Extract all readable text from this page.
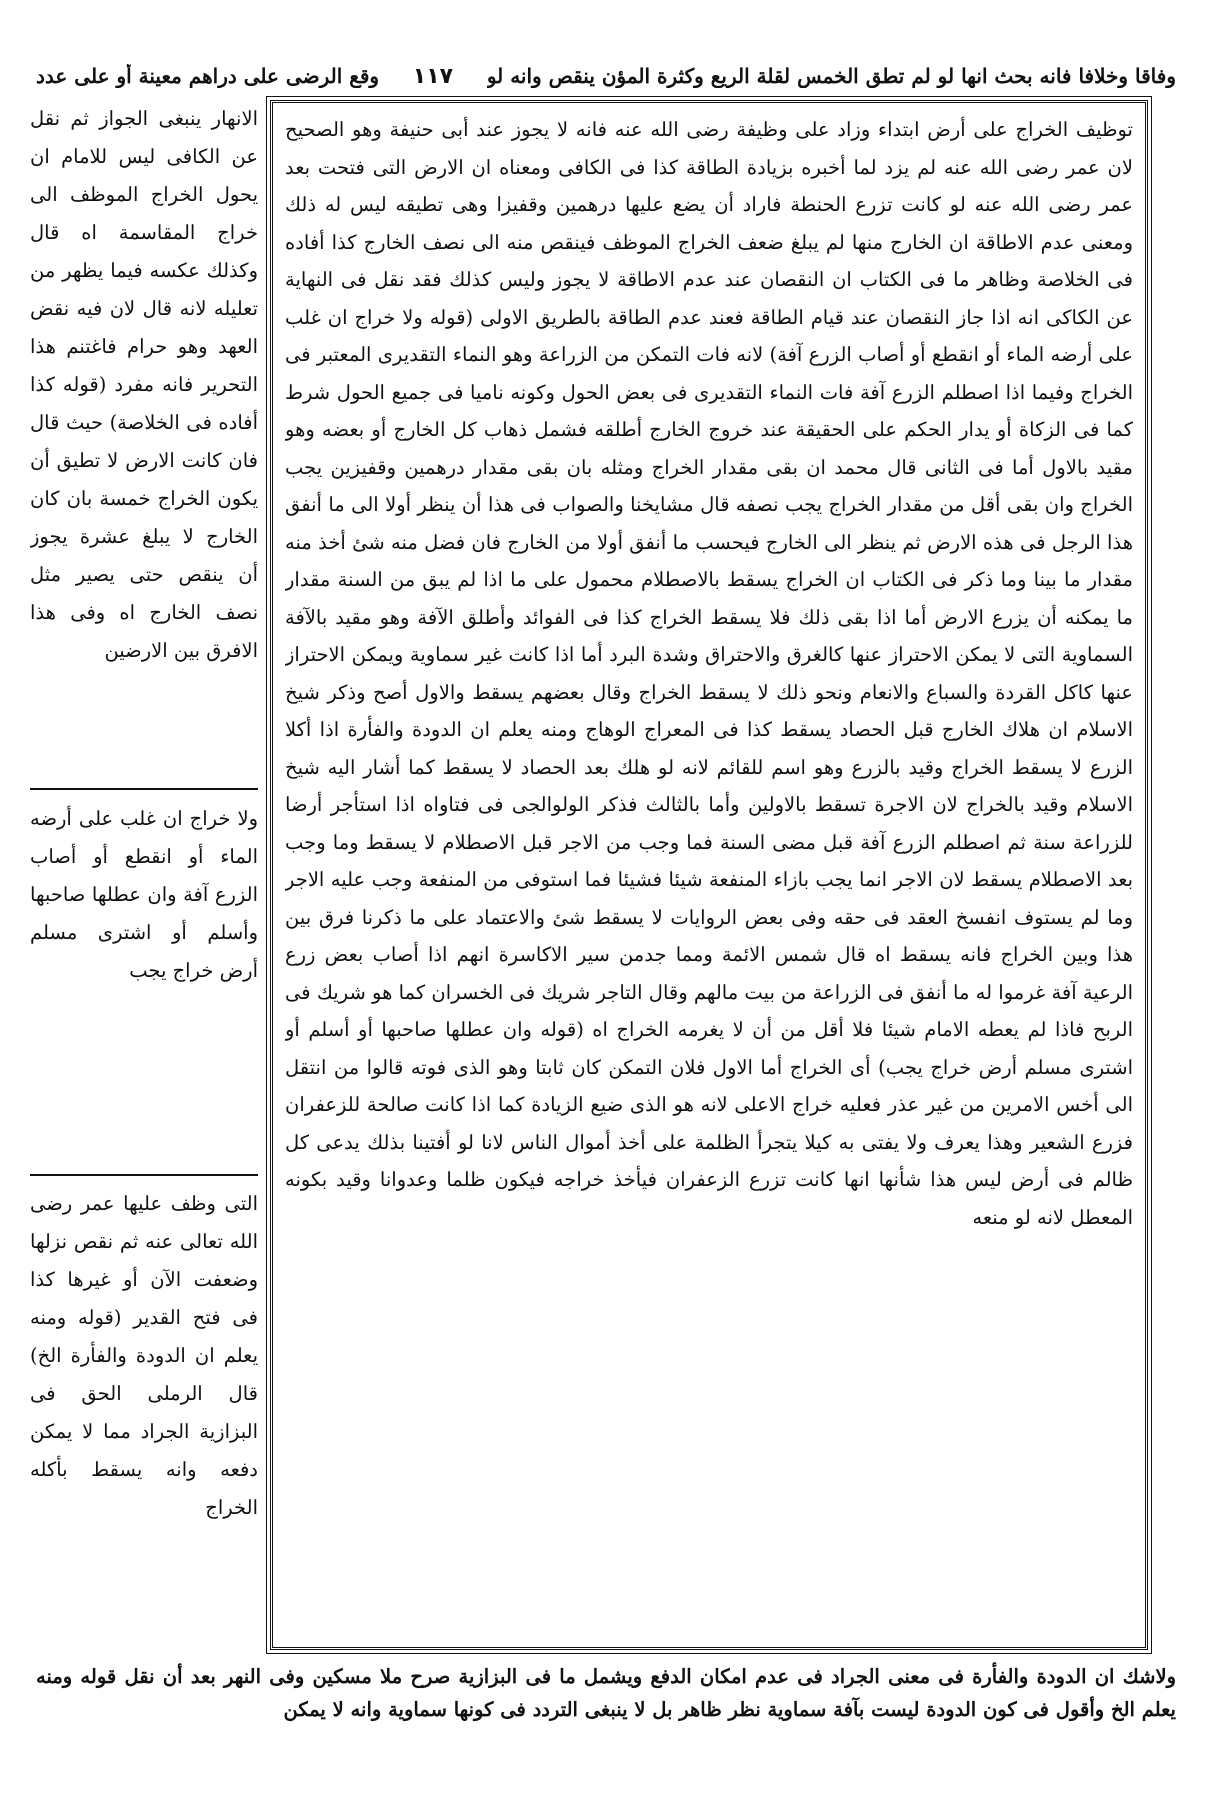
وفاقا وخلافا فانه بحث انها لو لم تطق الخمس لقلة الريع وكثرة المؤن ينقص وانه لو
١١٧
وقع الرضى على دراهم معينة أو على عدد
توظيف الخراج على أرض ابتداء وزاد على وظيفة رضى الله عنه فانه لا يجوز عند أبى حنيفة وهو الصحيح لان عمر رضى الله عنه لم يزد لما أخبره بزيادة الطاقة كذا فى الكافى ومعناه ان الارض التى فتحت بعد عمر رضى الله عنه لو كانت تزرع الحنطة فاراد أن يضع عليها درهمين وقفيزا وهى تطيقه ليس له ذلك ومعنى عدم الاطاقة ان الخارج منها لم يبلغ ضعف الخراج الموظف فينقص منه الى نصف الخارج كذا أفاده فى الخلاصة وظاهر ما فى الكتاب ان النقصان عند عدم الاطاقة لا يجوز وليس كذلك فقد نقل فى النهاية عن الكاكى انه اذا جاز النقصان عند قيام الطاقة فعند عدم الطاقة بالطريق الاولى (قوله ولا خراج ان غلب على أرضه الماء أو انقطع أو أصاب الزرع آفة) لانه فات التمكن من الزراعة وهو النماء التقديرى المعتبر فى الخراج وفيما اذا اصطلم الزرع آفة فات النماء التقديرى فى بعض الحول وكونه ناميا فى جميع الحول شرط كما فى الزكاة أو يدار الحكم على الحقيقة عند خروج الخارج أطلقه فشمل ذهاب كل الخارج أو بعضه وهو مقيد بالاول أما فى الثانى قال محمد ان بقى مقدار الخراج ومثله بان بقى مقدار درهمين وقفيزين يجب الخراج وان بقى أقل من مقدار الخراج يجب نصفه قال مشايخنا والصواب فى هذا أن ينظر أولا الى ما أنفق هذا الرجل فى هذه الارض ثم ينظر الى الخارج فيحسب ما أنفق أولا من الخارج فان فضل منه شئ أخذ منه مقدار ما بينا وما ذكر فى الكتاب ان الخراج يسقط بالاصطلام محمول على ما اذا لم يبق من السنة مقدار ما يمكنه أن يزرع الارض أما اذا بقى ذلك فلا يسقط الخراج كذا فى الفوائد وأطلق الآفة وهو مقيد بالآفة السماوية التى لا يمكن الاحتراز عنها كالغرق والاحتراق وشدة البرد أما اذا كانت غير سماوية ويمكن الاحتراز عنها كاكل القردة والسباع والانعام ونحو ذلك لا يسقط الخراج وقال بعضهم يسقط والاول أصح وذكر شيخ الاسلام ان هلاك الخارج قبل الحصاد يسقط كذا فى المعراج الوهاج ومنه يعلم ان الدودة والفأرة اذا أكلا الزرع لا يسقط الخراج وقيد بالزرع وهو اسم للقائم لانه لو هلك بعد الحصاد لا يسقط كما أشار اليه شيخ الاسلام وقيد بالخراج لان الاجرة تسقط بالاولين وأما بالثالث فذكر الولوالجى فى فتاواه اذا استأجر أرضا للزراعة سنة ثم اصطلم الزرع آفة قبل مضى السنة فما وجب من الاجر قبل الاصطلام لا يسقط وما وجب بعد الاصطلام يسقط لان الاجر انما يجب بازاء المنفعة شيئا فشيئا فما استوفى من المنفعة وجب عليه الاجر وما لم يستوف انفسخ العقد فى حقه وفى بعض الروايات لا يسقط شئ والاعتماد على ما ذكرنا فرق بين هذا وبين الخراج فانه يسقط اه قال شمس الائمة ومما جدمن سير الاكاسرة انهم اذا أصاب بعض زرع الرعية آفة غرموا له ما أنفق فى الزراعة من بيت مالهم وقال التاجر شريك فى الخسران كما هو شريك فى الربح فاذا لم يعطه الامام شيئا فلا أقل من أن لا يغرمه الخراج اه (قوله وان عطلها صاحبها أو أسلم أو اشترى مسلم أرض خراج يجب) أى الخراج أما الاول فلان التمكن كان ثابتا وهو الذى فوته قالوا من انتقل الى أخس الامرين من غير عذر فعليه خراج الاعلى لانه هو الذى ضيع الزيادة كما اذا كانت صالحة للزعفران فزرع الشعير وهذا يعرف ولا يفتى به كيلا يتجرأ الظلمة على أخذ أموال الناس لانا لو أفتينا بذلك يدعى كل ظالم فى أرض ليس هذا شأنها انها كانت تزرع الزعفران فيأخذ خراجه فيكون ظلما وعدوانا وقيد بكونه المعطل لانه لو منعه
الانهار ينبغى الجواز ثم نقل عن الكافى ليس للامام ان يحول الخراج الموظف الى خراج المقاسمة اه قال وكذلك عكسه فيما يظهر من تعليله لانه قال لان فيه نقض العهد وهو حرام فاغتنم هذا التحرير فانه مفرد (قوله كذا أفاده فى الخلاصة) حيث قال فان كانت الارض لا تطيق أن يكون الخراج خمسة بان كان الخارج لا يبلغ عشرة يجوز أن ينقص حتى يصير مثل نصف الخارج اه وفى هذا الافرق بين الارضين
ولا خراج ان غلب على أرضه الماء أو انقطع أو أصاب الزرع آفة وان عطلها صاحبها وأسلم أو اشترى مسلم أرض خراج يجب
التى وظف عليها عمر رضى الله تعالى عنه ثم نقص نزلها وضعفت الآن أو غيرها كذا فى فتح القدير (قوله ومنه يعلم ان الدودة والفأرة الخ) قال الرملى الحق فى البزازية الجراد مما لا يمكن دفعه وانه يسقط بأكله الخراج
ولاشك ان الدودة والفأرة فى معنى الجراد فى عدم امكان الدفع ويشمل ما فى البزازية صرح ملا مسكين وفى النهر بعد أن نقل قوله ومنه يعلم الخ وأقول فى كون الدودة ليست بآفة سماوية نظر ظاهر بل لا ينبغى التردد فى كونها سماوية وانه لا يمكن
